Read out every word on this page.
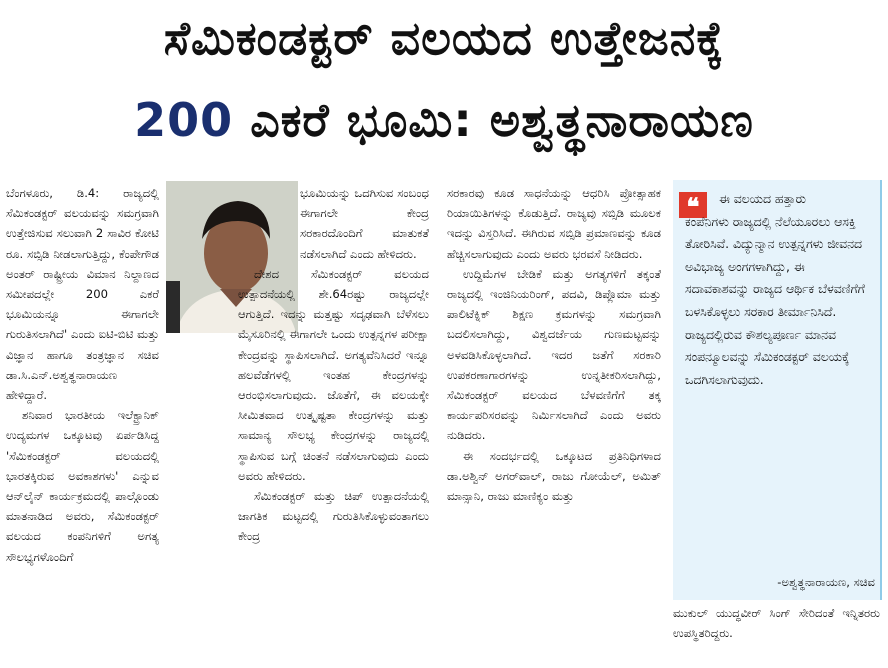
ಸೆಮಿಕಂಡಕ್ಟರ್ ವಲಯದ ಉತ್ತೇಜನಕ್ಕೆ
200 ಎಕರೆ ಭೂಮಿ: ಅಶ್ವತ್ಥನಾರಾಯಣ

ಬೆಂಗಳೂರು, ಡಿ.4: ರಾಜ್ಯದಲ್ಲಿ ಸೆಮಿಕಂಡಕ್ಟರ್ ವಲಯವನ್ನು ಸಮಗ್ರವಾಗಿ ಉತ್ತೇಜಿಸುವ ಸಲುವಾಗಿ 2 ಸಾವಿರ ಕೋಟಿ ರೂ. ಸಬ್ಸಿಡಿ ನೀಡಲಾಗುತ್ತಿದ್ದು, ಕೆಂಪೇಗೌಡ ಅಂತರ್ ರಾಷ್ಟ್ರೀಯ ವಿಮಾನ ನಿಲ್ದಾಣದ ಸಮೀಪದಲ್ಲೇ 200 ಎಕರೆ ಭೂಮಿಯನ್ನೂ ಈಗಾಗಲೇ ಗುರುತಿಸಲಾಗಿದೆ' ಎಂದು ಐಟಿ-ಬಿಟಿ ಮತ್ತು ವಿಜ್ಞಾನ ಹಾಗೂ ತಂತ್ರಜ್ಞಾನ ಸಚಿವ ಡಾ.ಸಿ.ಎನ್.ಅಶ್ವತ್ಥನಾರಾಯಣ ಹೇಳಿದ್ದಾರೆ.

ಶನಿವಾರ ಭಾರತೀಯ ಇಲೆಕ್ಟ್ರಾನಿಕ್ ಉದ್ಯಮಗಳ ಒಕ್ಕೂಟವು ಏರ್ಪಡಿಸಿದ್ದ 'ಸೆಮಿಕಂಡಕ್ಟರ್ ವಲಯದಲ್ಲಿ ಭಾರತಕ್ಕಿರುವ ಅವಕಾಶಗಳು' ಎನ್ನುವ ಆನ್‌ಲೈನ್ ಕಾರ್ಯಕ್ರಮದಲ್ಲಿ ಪಾಲ್ಗೊಂಡು ಮಾತನಾಡಿದ ಅವರು, ಸೆಮಿಕಂಡಕ್ಟರ್ ವಲಯದ ಕಂಪನಿಗಳಿಗೆ ಅಗತ್ಯ ಸೌಲಭ್ಯಗಳೊಂದಿಗೆ

ಭೂಮಿಯನ್ನು ಒದಗಿಸುವ ಸಂಬಂಧ ಈಗಾಗಲೇ ಕೇಂದ್ರ ಸರಕಾರದೊಂದಿಗೆ ಮಾತುಕತೆ ನಡೆಸಲಾಗಿದೆ ಎಂದು ಹೇಳಿದರು.

ದೇಶದ ಸೆಮಿಕಂಡಕ್ಟರ್ ವಲಯದ ಉತ್ಪಾದನೆಯಲ್ಲಿ ಶೇ.64ರಷ್ಟು ರಾಜ್ಯದಲ್ಲೇ ಆಗುತ್ತಿದೆ. ಇದನ್ನು ಮತ್ತಷ್ಟು ಸದೃಢವಾಗಿ ಬೆಳೆಸಲು ಮೈಸೂರಿನಲ್ಲಿ ಈಗಾಗಲೇ ಒಂದು ಉತ್ಪನ್ನಗಳ ಪರೀಕ್ಷಾ ಕೇಂದ್ರವನ್ನು ಸ್ಥಾಪಿಸಲಾಗಿದೆ. ಅಗತ್ಯವೆನಿಸಿದರೆ ಇನ್ನೂ ಹಲವೆಡೆಗಳಲ್ಲಿ ಇಂತಹ ಕೇಂದ್ರಗಳನ್ನು ಆರಂಭಿಸಲಾಗುವುದು. ಜೊತೆಗೆ, ಈ ವಲಯಕ್ಕೇ ಸೀಮಿತವಾದ ಉತ್ಕೃಷ್ಟತಾ ಕೇಂದ್ರಗಳನ್ನು ಮತ್ತು ಸಾಮಾನ್ಯ ಸೌಲಭ್ಯ ಕೇಂದ್ರಗಳನ್ನು ರಾಜ್ಯದಲ್ಲಿ ಸ್ಥಾಪಿಸುವ ಬಗ್ಗೆ ಚಿಂತನೆ ನಡೆಸಲಾಗುವುದು ಎಂದು ಅವರು ಹೇಳಿದರು.

ಸೆಮಿಕಂಡಕ್ಟರ್ ಮತ್ತು ಚಿಪ್ ಉತ್ಪಾದನೆಯಲ್ಲಿ ಜಾಗತಿಕ ಮಟ್ಟದಲ್ಲಿ ಗುರುತಿಸಿಕೊಳ್ಳುವಂತಾಗಲು ಕೇಂದ್ರ

ಸರಕಾರವು ಕೂಡ ಸಾಧನೆಯನ್ನು ಆಧರಿಸಿ ಪ್ರೋತ್ಸಾಹಕ ರಿಯಾಯಿತಿಗಳನ್ನು ಕೊಡುತ್ತಿದೆ. ರಾಜ್ಯವು ಸಬ್ಸಿಡಿ ಮೂಲಕ ಇದನ್ನು ವಿಸ್ತರಿಸಿದೆ. ಈಗಿರುವ ಸಬ್ಸಿಡಿ ಪ್ರಮಾಣವನ್ನು ಕೂಡ ಹೆಚ್ಚಿಸಲಾಗುವುದು ಎಂದು ಅವರು ಭರವಸೆ ನೀಡಿದರು.

ಉದ್ದಿಮೆಗಳ ಬೇಡಿಕೆ ಮತ್ತು ಅಗತ್ಯಗಳಿಗೆ ತಕ್ಕಂತೆ ರಾಜ್ಯದಲ್ಲಿ ಇಂಜಿನಿಯರಿಂಗ್, ಪದವಿ, ಡಿಪ್ಲೊಮಾ ಮತ್ತು ಪಾಲಿಟೆಕ್ನಿಕ್ ಶಿಕ್ಷಣ ಕ್ರಮಗಳನ್ನು ಸಮಗ್ರವಾಗಿ ಬದಲಿಸಲಾಗಿದ್ದು, ವಿಶ್ವದರ್ಜೆಯ ಗುಣಮಟ್ಟವನ್ನು ಅಳವಡಿಸಿಕೊಳ್ಳಲಾಗಿದೆ. ಇದರ ಜತೆಗೆ ಸರಕಾರಿ ಉಪಕರಣಾಗಾರಗಳನ್ನು ಉನ್ನತೀಕರಿಸಲಾಗಿದ್ದು, ಸೆಮಿಕಂಡಕ್ಟರ್ ವಲಯದ ಬೆಳವಣಿಗೆಗೆ ತಕ್ಕ ಕಾರ್ಯಪರಿಸರವನ್ನು ನಿರ್ಮಿಸಲಾಗಿದೆ ಎಂದು ಅವರು ನುಡಿದರು.

ಈ ಸಂದರ್ಭದಲ್ಲಿ ಒಕ್ಕೂಟದ ಪ್ರತಿನಿಧಿಗಳಾದ ಡಾ.ಅಶ್ವಿನ್ ಅಗರ್‌ವಾಲ್, ರಾಜು ಗೋಯೆಲ್, ಅಮಿತ್ ಮಾನ್ಸಾನಿ, ರಾಜು ಮಾಣಿಕ್ಯಂ ಮತ್ತು

❝	ಈ ವಲಯದ ಹತ್ತಾರು
ಕಂಪೆನಿಗಳು ರಾಜ್ಯದಲ್ಲಿ ನೆಲೆಯೂರಲು ಆಸಕ್ತಿ ತೋರಿಸಿವೆ. ವಿದ್ಯುನ್ಮಾನ ಉತ್ಪನ್ನಗಳು ಜೀವನದ ಅವಿಭಾಜ್ಯ ಅಂಗಗಳಾಗಿದ್ದು, ಈ ಸದಾವಕಾಶವನ್ನು ರಾಜ್ಯದ ಆರ್ಥಿಕ ಬೆಳವಣಿಗೆಗೆ ಬಳಸಿಕೊಳ್ಳಲು ಸರಕಾರ ತೀರ್ಮಾನಿಸಿದೆ. ರಾಜ್ಯದಲ್ಲಿರುವ ಕೌಶಲ್ಯಪೂರ್ಣ ಮಾನವ ಸಂಪನ್ಮೂಲವನ್ನು ಸೆಮಿಕಂಡಕ್ಟರ್ ವಲಯಕ್ಕೆ ಒದಗಿಸಲಾಗುವುದು.
-ಅಶ್ವತ್ಥನಾರಾಯಣ, ಸಚಿವ
ಮುಕುಲ್ ಯುದ್ಧವೀರ್ ಸಿಂಗ್ ಸೇರಿದಂತೆ ಇನ್ನಿತರರು ಉಪಸ್ಥಿತರಿದ್ದರು.
